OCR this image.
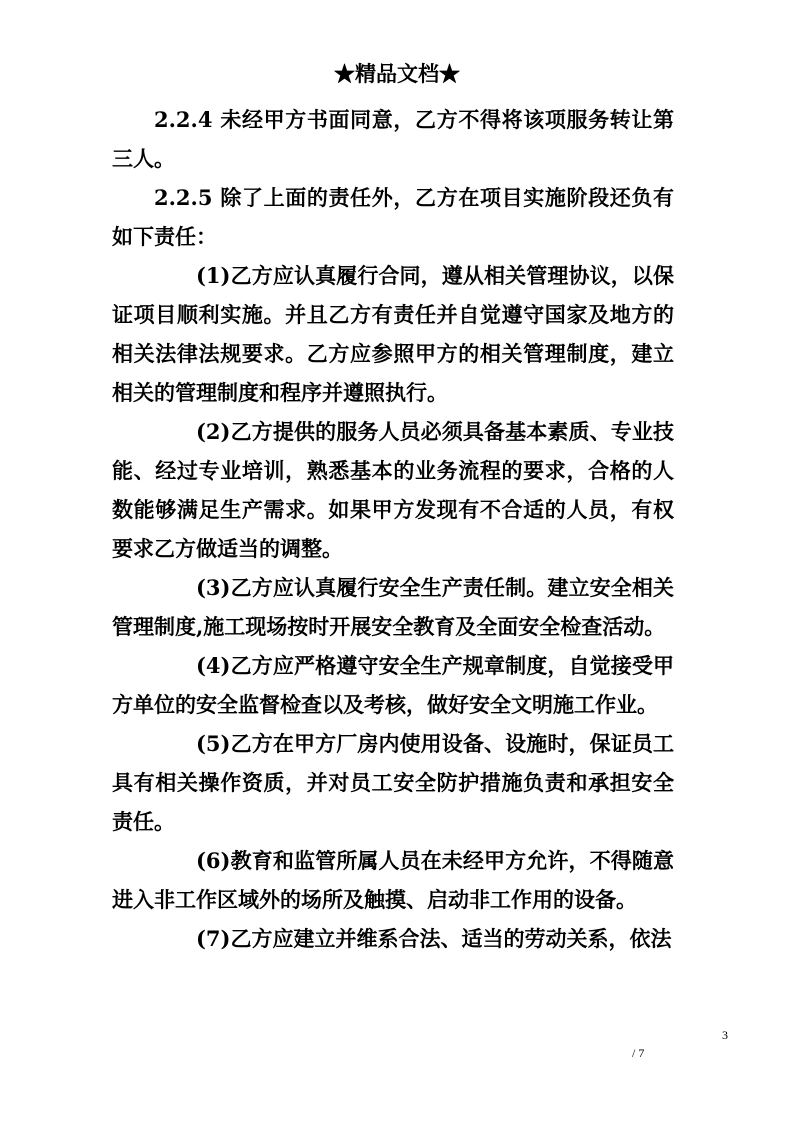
★精品文档★

2.2.4 未经甲方书面同意，乙方不得将该项服务转让第三人。

2.2.5 除了上面的责任外，乙方在项目实施阶段还负有如下责任：

(1)乙方应认真履行合同，遵从相关管理协议，以保证项目顺利实施。并且乙方有责任并自觉遵守国家及地方的相关法律法规要求。乙方应参照甲方的相关管理制度，建立相关的管理制度和程序并遵照执行。

(2)乙方提供的服务人员必须具备基本素质、专业技能、经过专业培训，熟悉基本的业务流程的要求，合格的人数能够满足生产需求。如果甲方发现有不合适的人员，有权要求乙方做适当的调整。

(3)乙方应认真履行安全生产责任制。建立安全相关管理制度,施工现场按时开展安全教育及全面安全检查活动。

(4)乙方应严格遵守安全生产规章制度，自觉接受甲方单位的安全监督检查以及考核，做好安全文明施工作业。

(5)乙方在甲方厂房内使用设备、设施时，保证员工具有相关操作资质，并对员工安全防护措施负责和承担安全责任。

(6)教育和监管所属人员在未经甲方允许，不得随意进入非工作区域外的场所及触摸、启动非工作用的设备。

(7)乙方应建立并维系合法、适当的劳动关系，依法

3
/ 7
